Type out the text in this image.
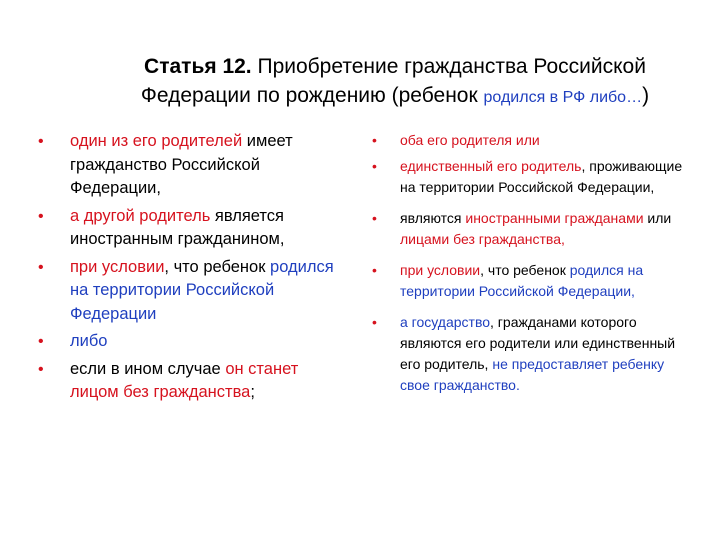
Статья 12. Приобретение гражданства Российской Федерации по рождению (ребенок родился в РФ либо…)
• один из его родителей имеет гражданство Российской Федерации,
• а другой родитель является иностранным гражданином,
• при условии, что ребенок родился на территории Российской Федерации
• либо
• если в ином случае он станет лицом без гражданства;
• оба его родителя или
• единственный его родитель, проживающие на территории Российской Федерации,
• являются иностранными гражданами или лицами без гражданства,
• при условии, что ребенок родился на территории Российской Федерации,
• а государство, гражданами которого являются его родители или единственный его родитель, не предоставляет ребенку свое гражданство.
